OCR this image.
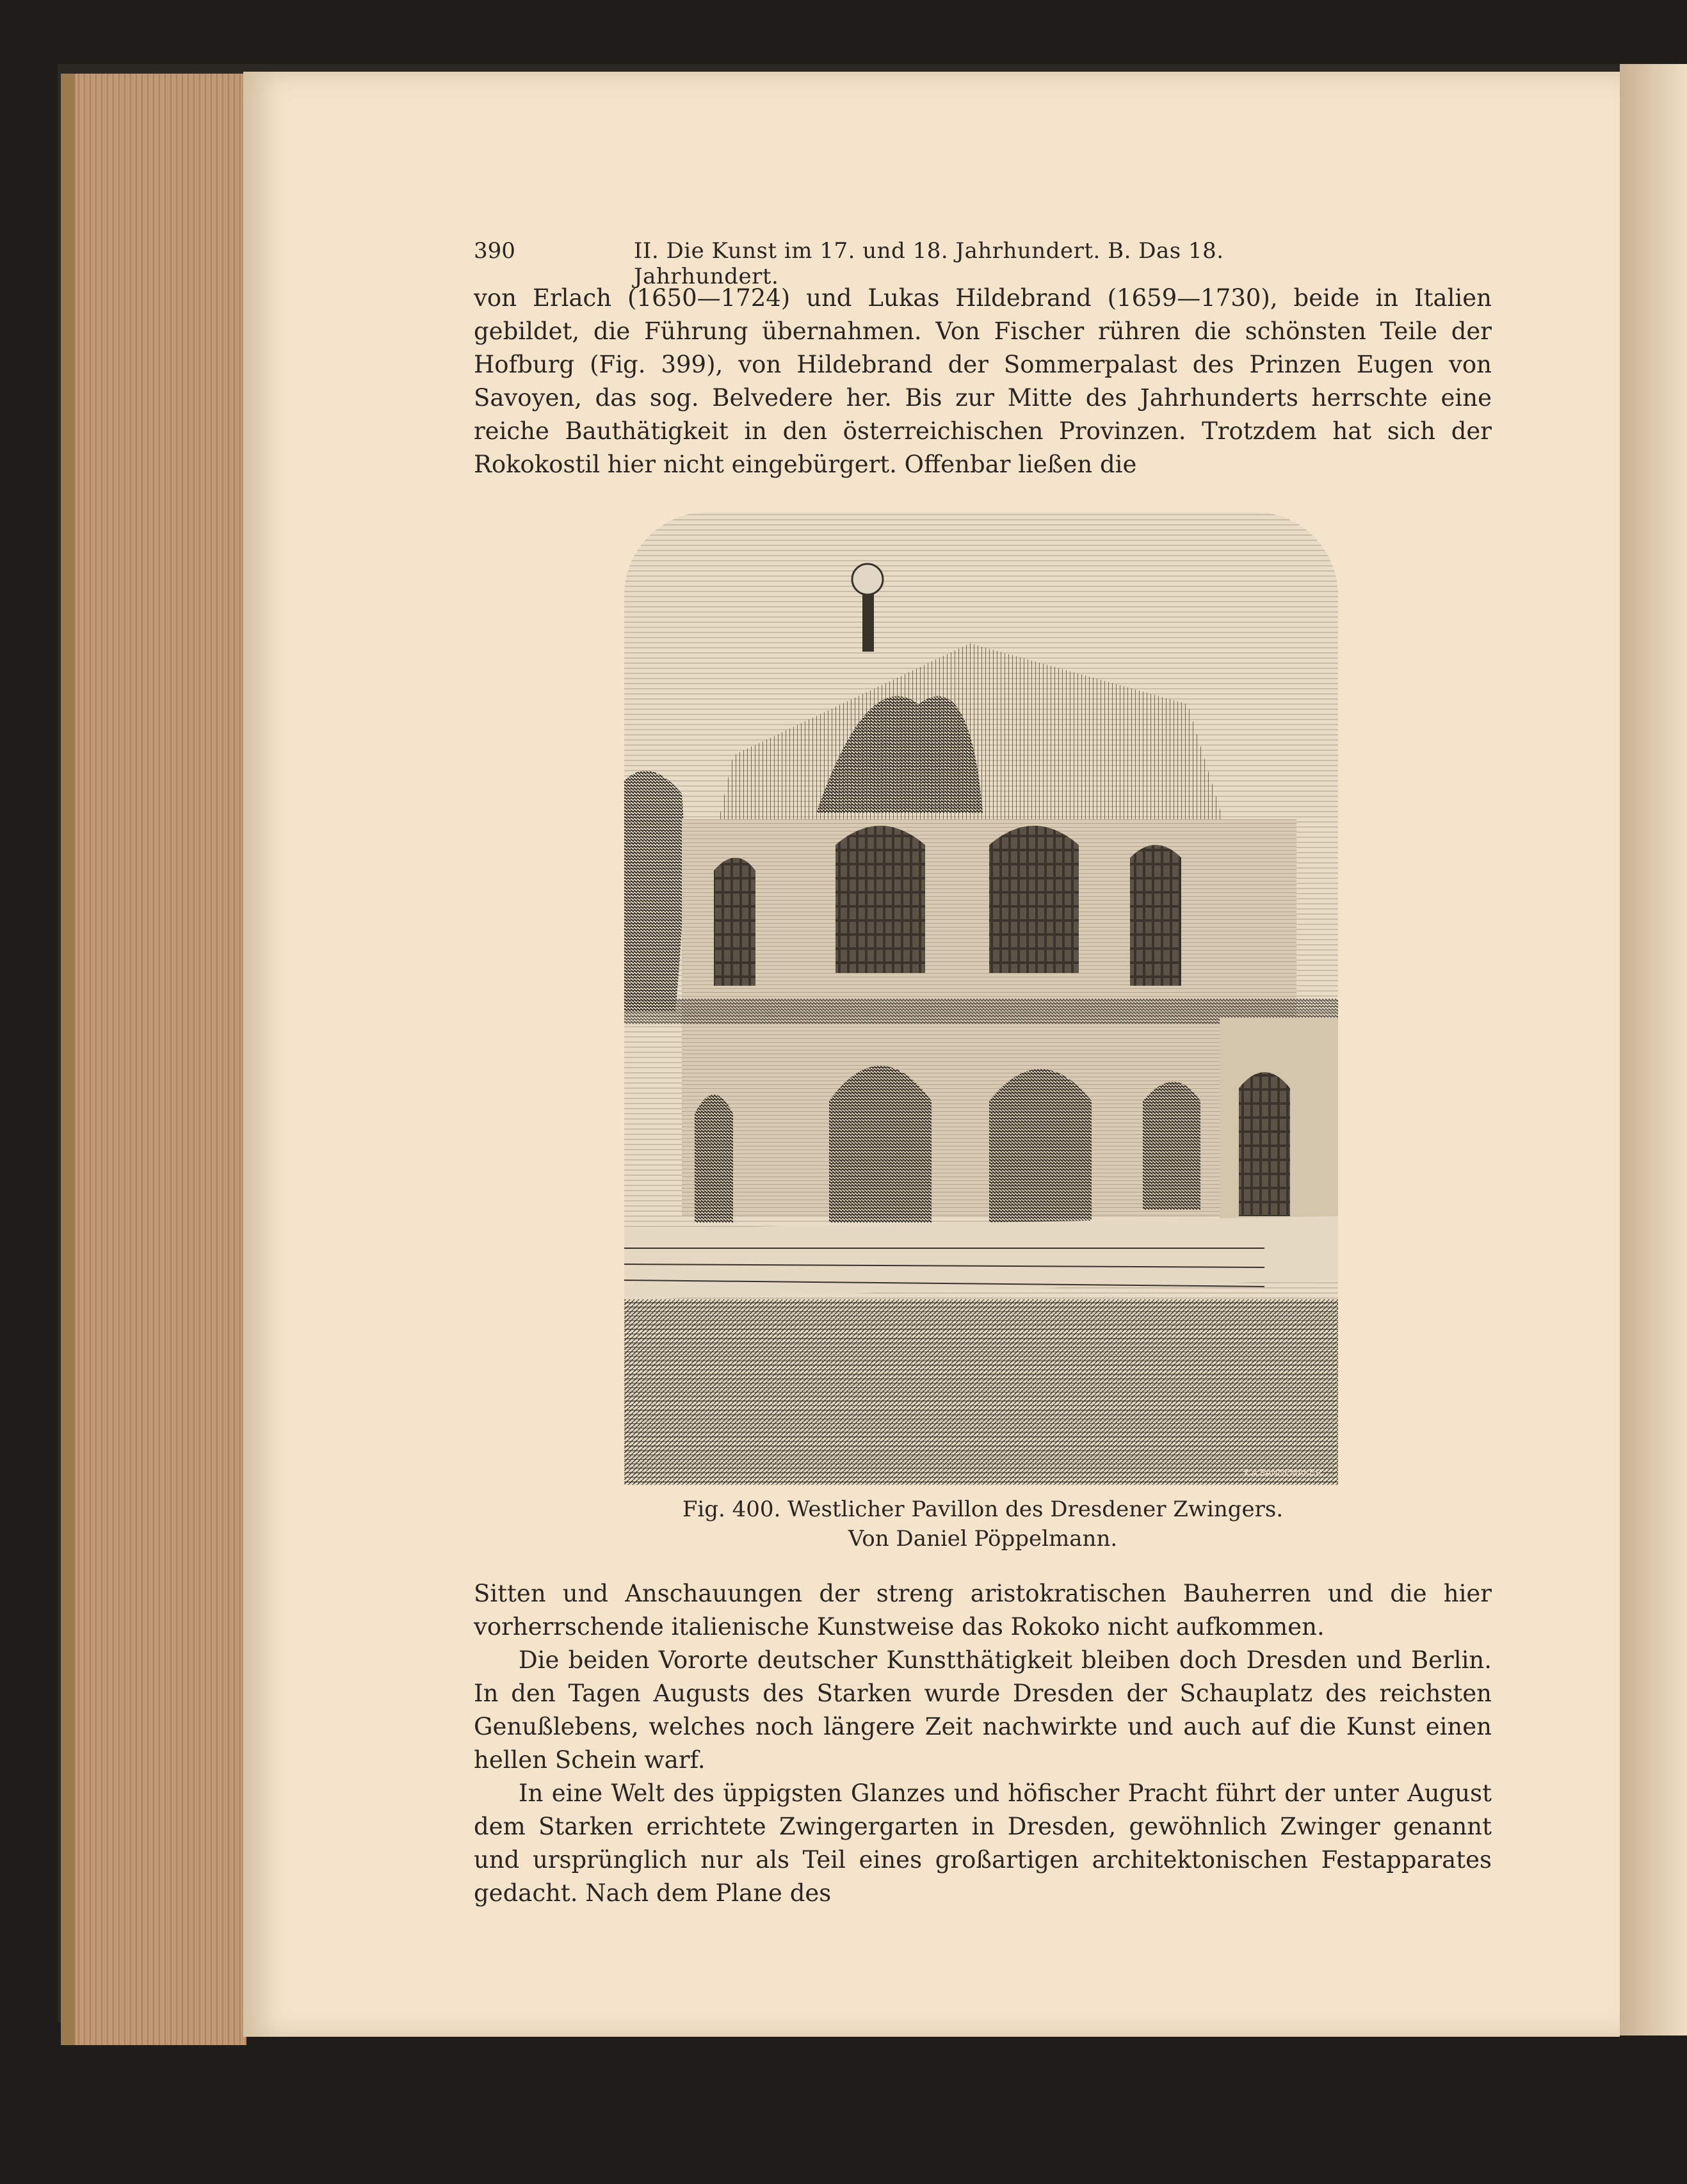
390	II. Die Kunst im 17. und 18. Jahrhundert. B. Das 18. Jahrhundert.

von Erlach (1650—1724) und Lukas Hildebrand (1659—1730), beide in Italien gebildet, die Führung übernahmen. Von Fischer rühren die schönsten Teile der Hofburg (Fig. 399), von Hildebrand der Sommerpalast des Prinzen Eugen von Savoyen, das sog. Belvedere her. Bis zur Mitte des Jahrhunderts herrschte eine reiche Bauthätigkeit in den österreichischen Provinzen. Trotzdem hat sich der Rokokostil hier nicht eingebürgert. Offenbar ließen die

X.A.PANNEMAKER
Fig. 400. Westlicher Pavillon des Dresdener Zwingers.
Von Daniel Pöppelmann.

Sitten und Anschauungen der streng aristokratischen Bauherren und die hier vorherrschende italienische Kunstweise das Rokoko nicht aufkommen.

Die beiden Vororte deutscher Kunstthätigkeit bleiben doch Dresden und Berlin. In den Tagen Augusts des Starken wurde Dresden der Schauplatz des reichsten Genußlebens, welches noch längere Zeit nachwirkte und auch auf die Kunst einen hellen Schein warf.

In eine Welt des üppigsten Glanzes und höfischer Pracht führt der unter August dem Starken errichtete Zwingergarten in Dresden, gewöhnlich Zwinger genannt und ursprünglich nur als Teil eines großartigen architektonischen Festapparates gedacht. Nach dem Plane des
